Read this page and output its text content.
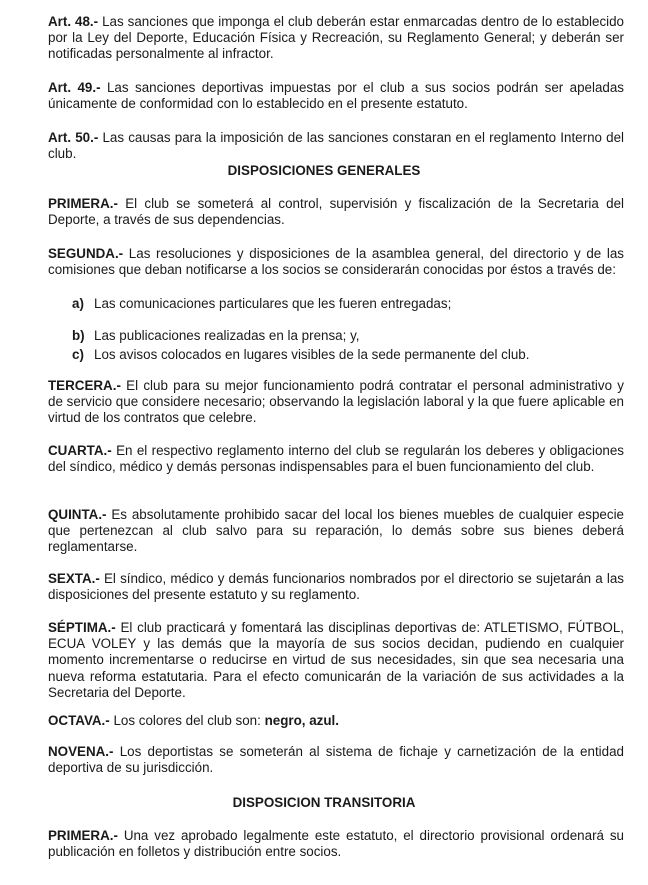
Art. 48.- Las sanciones que imponga el club deberán estar enmarcadas dentro de lo establecido por la Ley del Deporte, Educación Física y Recreación, su Reglamento General; y deberán ser notificadas personalmente al infractor.

Art. 49.- Las sanciones deportivas impuestas por el club a sus socios podrán ser apeladas únicamente de conformidad con lo establecido en el presente estatuto.

Art. 50.- Las causas para la imposición de las sanciones constaran en el reglamento Interno del club.

DISPOSICIONES GENERALES

PRIMERA.- El club se someterá al control, supervisión y fiscalización de la Secretaria del Deporte, a través de sus dependencias.

SEGUNDA.- Las resoluciones y disposiciones de la asamblea general, del directorio y de las comisiones que deban notificarse a los socios se considerarán conocidas por éstos a través de:

a) Las comunicaciones particulares que les fueren entregadas;

b) Las publicaciones realizadas en la prensa; y,

c) Los avisos colocados en lugares visibles de la sede permanente del club.

TERCERA.- El club para su mejor funcionamiento podrá contratar el personal administrativo y de servicio que considere necesario; observando la legislación laboral y la que fuere aplicable en virtud de los contratos que celebre.

CUARTA.- En el respectivo reglamento interno del club se regularán los deberes y obligaciones del síndico, médico y demás personas indispensables para el buen funcionamiento del club.

QUINTA.- Es absolutamente prohibido sacar del local los bienes muebles de cualquier especie que pertenezcan al club salvo para su reparación, lo demás sobre sus bienes deberá reglamentarse.

SEXTA.- El síndico, médico y demás funcionarios nombrados por el directorio se sujetarán a las disposiciones del presente estatuto y su reglamento.

SÉPTIMA.- El club practicará y fomentará las disciplinas deportivas de: ATLETISMO, FÚTBOL, ECUA VOLEY y las demás que la mayoría de sus socios decidan, pudiendo en cualquier momento incrementarse o reducirse en virtud de sus necesidades, sin que sea necesaria una nueva reforma estatutaria. Para el efecto comunicarán de la variación de sus actividades a la Secretaria del Deporte.

OCTAVA.- Los colores del club son: negro, azul.

NOVENA.- Los deportistas se someterán al sistema de fichaje y carnetización de la entidad deportiva de su jurisdicción.

DISPOSICION TRANSITORIA

PRIMERA.- Una vez aprobado legalmente este estatuto, el directorio provisional ordenará su publicación en folletos y distribución entre socios.
